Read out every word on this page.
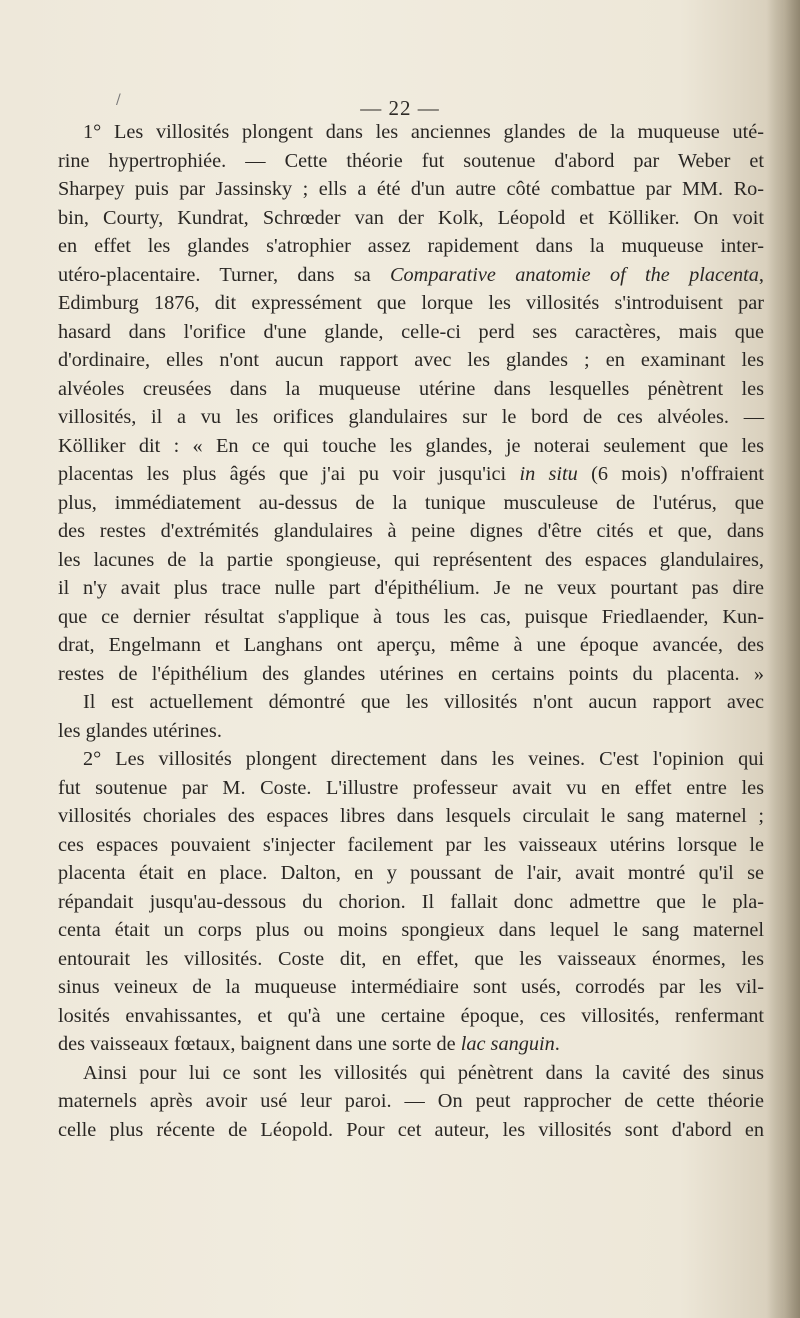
/	— 22 —
1° Les villosités plongent dans les anciennes glandes de la muqueuse uté-
rine hypertrophiée. — Cette théorie fut soutenue d'abord par Weber et
Sharpey puis par Jassinsky ; ells a été d'un autre côté combattue par MM. Ro-
bin, Courty, Kundrat, Schrœder van der Kolk, Léopold et Kölliker. On voit
en effet les glandes s'atrophier assez rapidement dans la muqueuse inter-
utéro-placentaire. Turner, dans sa Comparative anatomie of the placenta,
Edimburg 1876, dit expressément que lorque les villosités s'introduisent par
hasard dans l'orifice d'une glande, celle-ci perd ses caractères, mais que
d'ordinaire, elles n'ont aucun rapport avec les glandes ; en examinant les
alvéoles creusées dans la muqueuse utérine dans lesquelles pénètrent les
villosités, il a vu les orifices glandulaires sur le bord de ces alvéoles. —
Kölliker dit : « En ce qui touche les glandes, je noterai seulement que les
placentas les plus âgés que j'ai pu voir jusqu'ici in situ (6 mois) n'offraient
plus, immédiatement au-dessus de la tunique musculeuse de l'utérus, que
des restes d'extrémités glandulaires à peine dignes d'être cités et que, dans
les lacunes de la partie spongieuse, qui représentent des espaces glandulaires,
il n'y avait plus trace nulle part d'épithélium. Je ne veux pourtant pas dire
que ce dernier résultat s'applique à tous les cas, puisque Friedlaender, Kun-
drat, Engelmann et Langhans ont aperçu, même à une époque avancée, des
restes de l'épithélium des glandes utérines en certains points du placenta. »
Il est actuellement démontré que les villosités n'ont aucun rapport avec
les glandes utérines.
2° Les villosités plongent directement dans les veines. C'est l'opinion qui
fut soutenue par M. Coste. L'illustre professeur avait vu en effet entre les
villosités choriales des espaces libres dans lesquels circulait le sang maternel ;
ces espaces pouvaient s'injecter facilement par les vaisseaux utérins lorsque le
placenta était en place. Dalton, en y poussant de l'air, avait montré qu'il se
répandait jusqu'au-dessous du chorion. Il fallait donc admettre que le pla-
centa était un corps plus ou moins spongieux dans lequel le sang maternel
entourait les villosités. Coste dit, en effet, que les vaisseaux énormes, les
sinus veineux de la muqueuse intermédiaire sont usés, corrodés par les vil-
losités envahissantes, et qu'à une certaine époque, ces villosités, renfermant
des vaisseaux fœtaux, baignent dans une sorte de lac sanguin.
Ainsi pour lui ce sont les villosités qui pénètrent dans la cavité des sinus
maternels après avoir usé leur paroi. — On peut rapprocher de cette théorie
celle plus récente de Léopold. Pour cet auteur, les villosités sont d'abord en
